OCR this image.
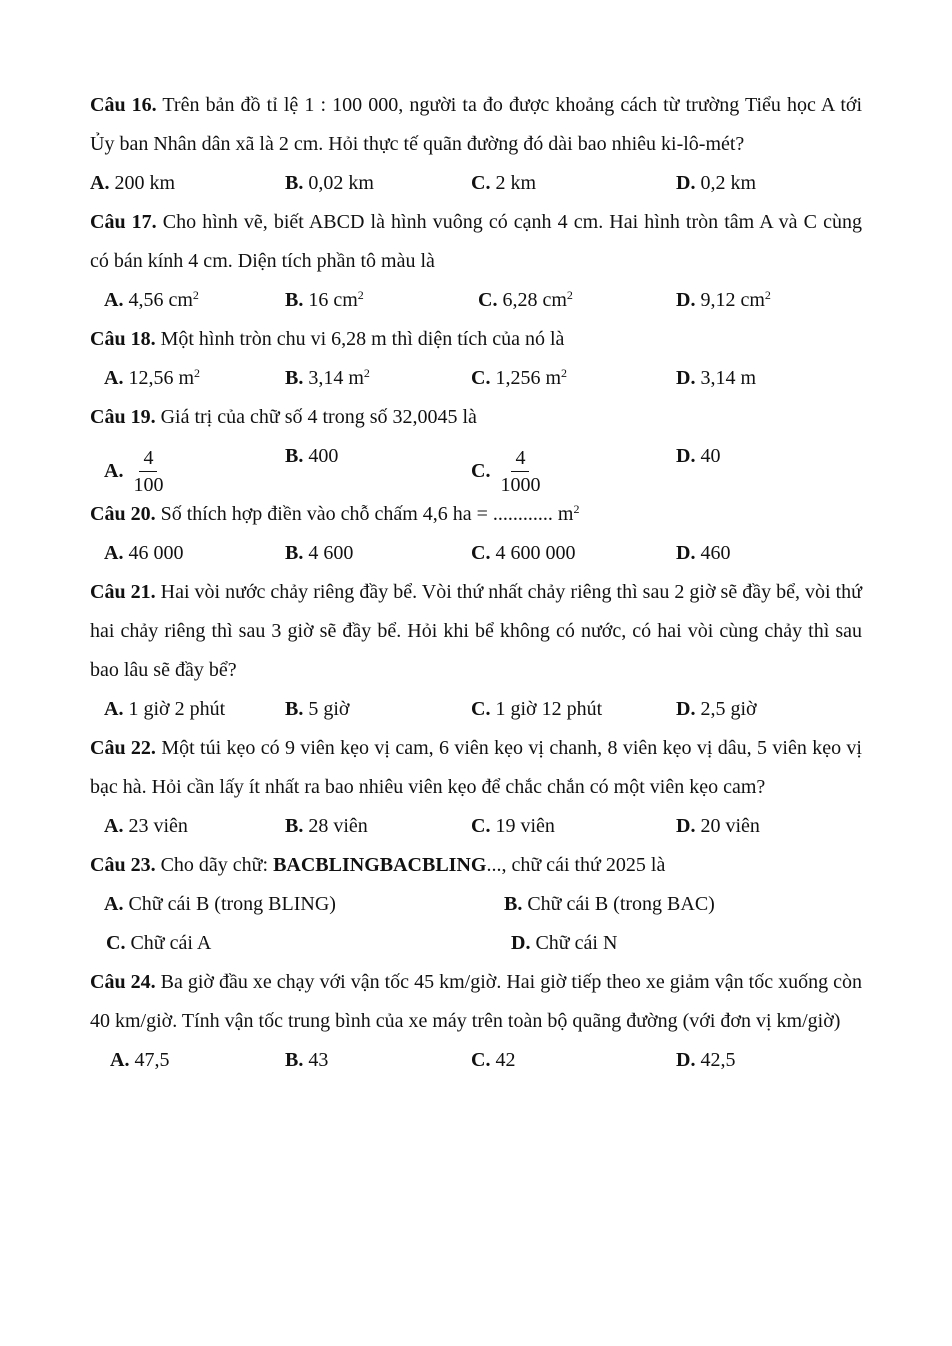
Câu 16. Trên bản đồ tỉ lệ 1 : 100 000, người ta đo được khoảng cách từ trường Tiểu học A tới Ủy ban Nhân dân xã là 2 cm. Hỏi thực tế quãn đường đó dài bao nhiêu ki-lô-mét?

A. 200 km	B. 0,02 km	C. 2 km	D. 0,2 km

Câu 17. Cho hình vẽ, biết ABCD là hình vuông có cạnh 4 cm. Hai hình tròn tâm A và C cùng có bán kính 4 cm. Diện tích phần tô màu là

A. 4,56 $cm^2$	B. 16 $cm^2$	C. 6,28 $cm^2$	D. 9,12 $cm^2$

Câu 18. Một hình tròn chu vi 6,28 m thì diện tích của nó là

A. 12,56 $m^2$	B. 3,14 $m^2$	C. 1,256 $m^2$	D. 3,14 m

Câu 19. Giá trị của chữ số 4 trong số 32,0045 là

A. $\frac{4}{100}$	B.
400
C. $\frac{4}{1000}$	D.
40

Câu 20. Số thích hợp điền vào chỗ chấm 4,6 ha = ............ $m^2$

A. 46 000	B. 4 600	C. 4 600 000	D. 460

Câu 21. Hai vòi nước chảy riêng đầy bể. Vòi thứ nhất chảy riêng thì sau 2 giờ sẽ đầy bể, vòi thứ hai chảy riêng thì sau 3 giờ sẽ đầy bể. Hỏi khi bể không có nước, có hai vòi cùng chảy thì sau bao lâu sẽ đầy bể?

A. 1 giờ 2 phút	B. 5 giờ	C. 1 giờ 12 phút	D. 2,5 giờ

Câu 22. Một túi kẹo có 9 viên kẹo vị cam, 6 viên kẹo vị chanh, 8 viên kẹo vị dâu, 5 viên kẹo vị bạc hà. Hỏi cần lấy ít nhất ra bao nhiêu viên kẹo để chắc chắn có một viên kẹo cam?

A. 23 viên	B. 28 viên	C. 19 viên	D. 20 viên

Câu 23. Cho dãy chữ: BACBLINGBACBLING..., chữ cái thứ 2025 là

A. Chữ cái B (trong BLING)	B. Chữ cái B (trong BAC)
C. Chữ cái A	D. Chữ cái N

Câu 24. Ba giờ đầu xe chạy với vận tốc 45 km/giờ. Hai giờ tiếp theo xe giảm vận tốc xuống còn 40 km/giờ. Tính vận tốc trung bình của xe máy trên toàn bộ quãng đường (với đơn vị km/giờ)

A. 47,5	B. 43	C. 42	D. 42,5
